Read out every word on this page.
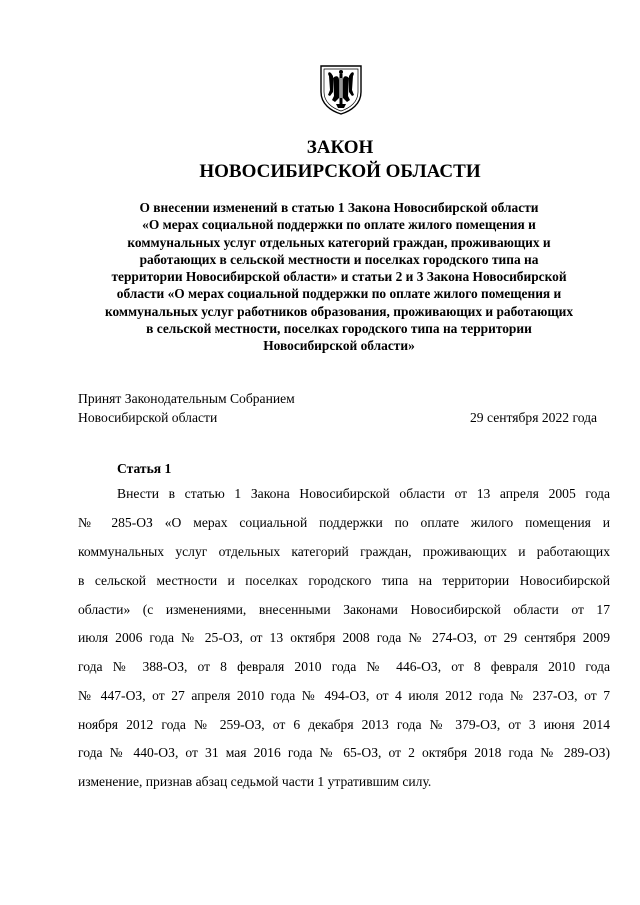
ЗАКОН
НОВОСИБИРСКОЙ ОБЛАСТИ

О внесении изменений в статью 1 Закона Новосибирской области
«О мерах социальной поддержки по оплате жилого помещения и
коммунальных услуг отдельных категорий граждан, проживающих и
работающих в сельской местности и поселках городского типа на
территории Новосибирской области» и статьи 2 и 3 Закона Новосибирской
области «О мерах социальной поддержки по оплате жилого помещения и
коммунальных услуг работников образования, проживающих и работающих
в сельской местности, поселках городского типа на территории
Новосибирской области»

Принят Законодательным Собранием
Новосибирской области	29 сентября 2022 года

Статья 1

Внести в статью 1 Закона Новосибирской области от 13 апреля 2005 года

№ 285-ОЗ «О мерах социальной поддержки по оплате жилого помещения и

коммунальных услуг отдельных категорий граждан, проживающих и работающих

в сельской местности и поселках городского типа на территории Новосибирской

области» (с изменениями, внесенными Законами Новосибирской области от 17

июля 2006 года № 25-ОЗ, от 13 октября 2008 года № 274-ОЗ, от 29 сентября 2009

года № 388-ОЗ, от 8 февраля 2010 года № 446-ОЗ, от 8 февраля 2010 года

№ 447-ОЗ, от 27 апреля 2010 года № 494-ОЗ, от 4 июля 2012 года № 237-ОЗ, от 7

ноября 2012 года № 259-ОЗ, от 6 декабря 2013 года № 379-ОЗ, от 3 июня 2014

года № 440-ОЗ, от 31 мая 2016 года № 65-ОЗ, от 2 октября 2018 года № 289-ОЗ)

изменение, признав абзац седьмой части 1 утратившим силу.
